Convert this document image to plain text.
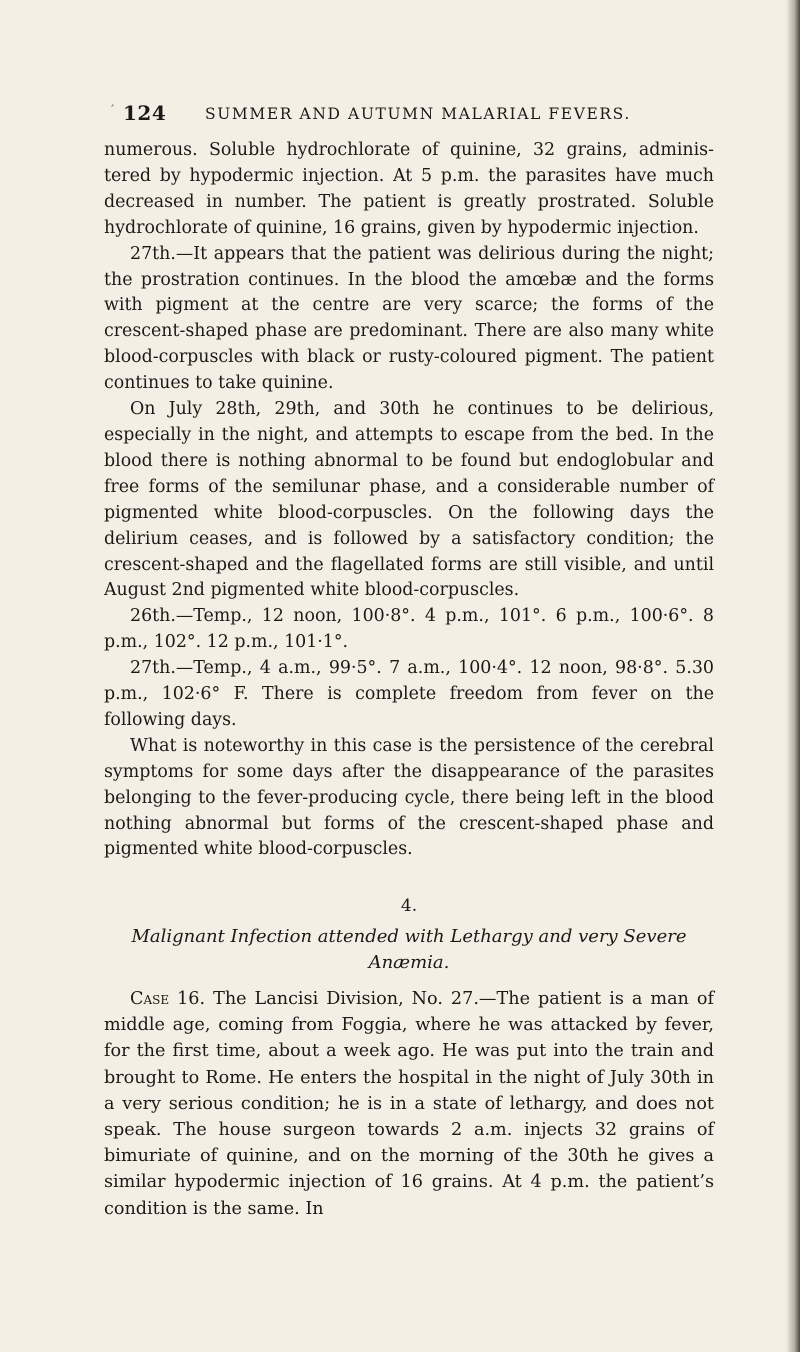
′ 124	SUMMER AND AUTUMN MALARIAL FEVERS.

numerous. Soluble hydrochlorate of quinine, 32 grains, administered by hypodermic injection. At 5 p.m. the parasites have much decreased in number. The patient is greatly prostrated. Soluble hydrochlorate of quinine, 16 grains, given by hypodermic injection.

27th.—It appears that the patient was delirious during the night; the prostration continues. In the blood the amœbæ and the forms with pigment at the centre are very scarce; the forms of the crescent-shaped phase are predominant. There are also many white blood-corpuscles with black or rusty-coloured pigment. The patient continues to take quinine.

On July 28th, 29th, and 30th he continues to be delirious, especially in the night, and attempts to escape from the bed. In the blood there is nothing abnormal to be found but endoglobular and free forms of the semilunar phase, and a considerable number of pigmented white blood-corpuscles. On the following days the delirium ceases, and is followed by a satisfactory condition; the crescent-shaped and the flagellated forms are still visible, and until August 2nd pigmented white blood-corpuscles.

26th.—Temp., 12 noon, 100·8°. 4 p.m., 101°. 6 p.m., 100·6°. 8 p.m., 102°. 12 p.m., 101·1°.

27th.—Temp., 4 a.m., 99·5°. 7 a.m., 100·4°. 12 noon, 98·8°. 5.30 p.m., 102·6° F. There is complete freedom from fever on the following days.

What is noteworthy in this case is the persistence of the cerebral symptoms for some days after the disappearance of the parasites belonging to the fever-producing cycle, there being left in the blood nothing abnormal but forms of the crescent-shaped phase and pigmented white blood-corpuscles.

4.
Malignant Infection attended with Lethargy and very Severe
Anæmia.

Case 16. The Lancisi Division, No. 27.—The patient is a man of middle age, coming from Foggia, where he was attacked by fever, for the first time, about a week ago. He was put into the train and brought to Rome. He enters the hospital in the night of July 30th in a very serious condition; he is in a state of lethargy, and does not speak. The house surgeon towards 2 a.m. injects 32 grains of bimuriate of quinine, and on the morning of the 30th he gives a similar hypodermic injection of 16 grains. At 4 p.m. the patient’s condition is the same. In
